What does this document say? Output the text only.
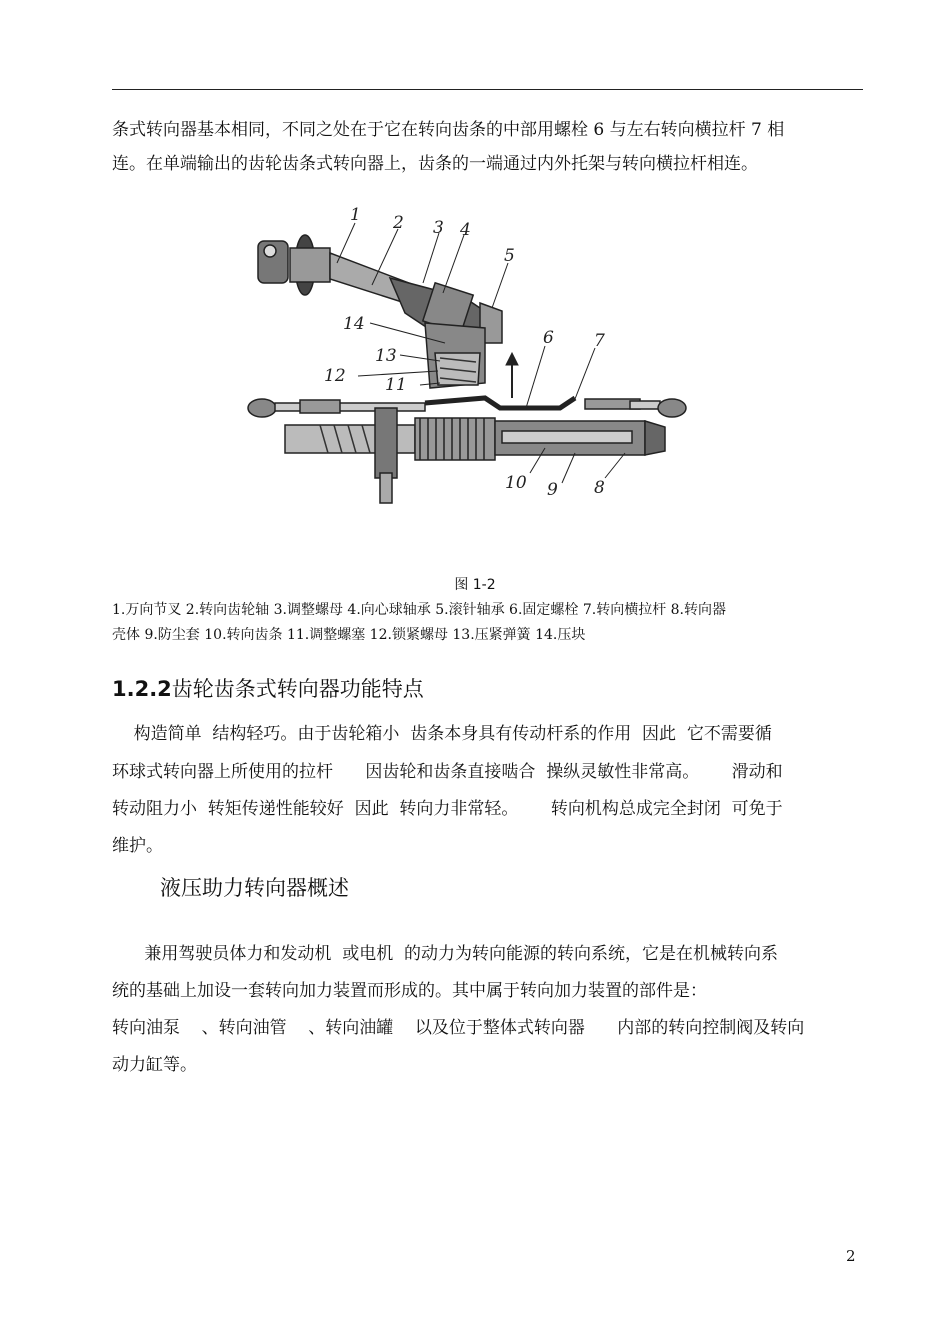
条式转向器基本相同，不同之处在于它在转向齿条的中部用螺栓 6 与左右转向横拉杆 7 相

连。在单端输出的齿轮齿条式转向器上，齿条的一端通过内外托架与转向横拉杆相连。

1 2 3 4
5
6 7
8
9
10
11
12
13
14
图 1-2

1.万向节叉 2.转向齿轮轴 3.调整螺母 4.向心球轴承 5.滚针轴承 6.固定螺栓 7.转向横拉杆 8.转向器
壳体 9.防尘套 10.转向齿条 11.调整螺塞 12.锁紧螺母 13.压紧弹簧 14.压块

1.2.2齿轮齿条式转向器功能特点

构造简单  结构轻巧。由于齿轮箱小  齿条本身具有传动杆系的作用  因此  它不需要循

环球式转向器上所使用的拉杆      因齿轮和齿条直接啮合  操纵灵敏性非常高。      滑动和

转动阻力小  转矩传递性能较好  因此  转向力非常轻。      转向机构总成完全封闭  可免于

维护。

液压助力转向器概述

兼用驾驶员体力和发动机  或电机  的动力为转向能源的转向系统，它是在机械转向系

统的基础上加设一套转向加力装置而形成的。其中属于转向加力装置的部件是：

转向油泵    、转向油管    、转向油罐    以及位于整体式转向器      内部的转向控制阀及转向

动力缸等。

2
